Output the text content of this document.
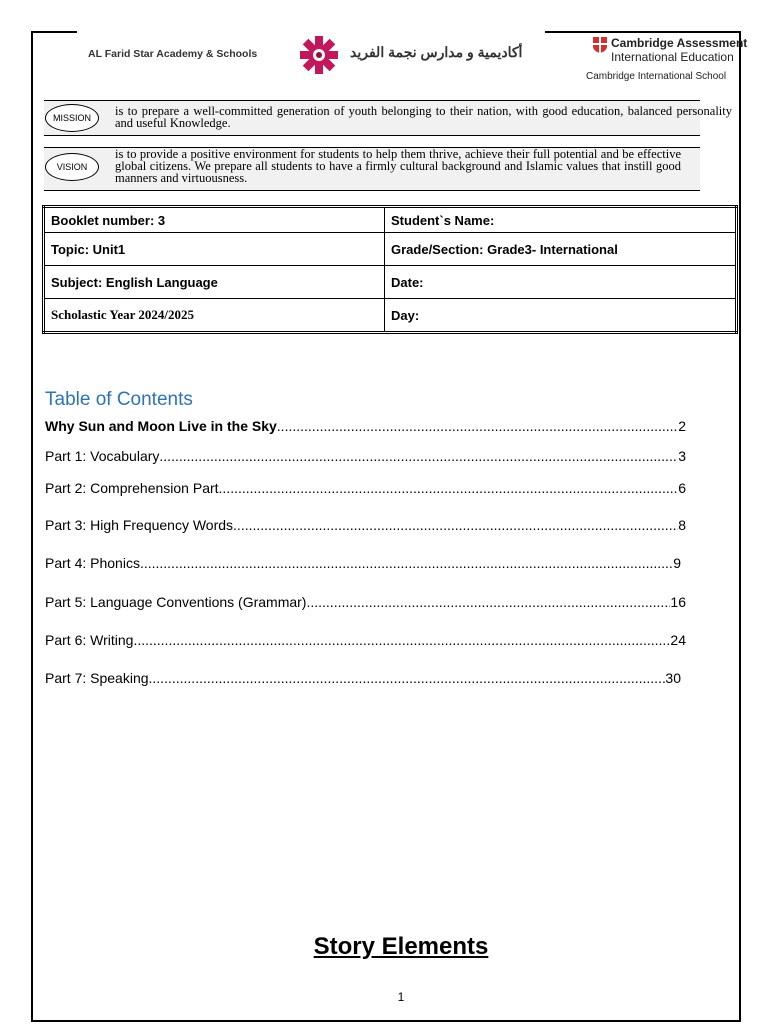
AL Farid Star Academy & Schools	أكاديمية و مدارس نجمة الفريد
Cambridge Assessment
International Education
Cambridge International School
is to prepare a well-committed generation of youth belonging to their nation, with good education, balanced personality and useful Knowledge.
MISSION
is to provide a positive environment for students to help them thrive, achieve their full potential and be effective global citizens. We prepare all students to have a firmly cultural background and Islamic values that instill good manners and virtuousness.
VISION
Booklet number: 3	Student`s Name:
Topic: Unit1	Grade/Section: Grade3- International
Subject: English Language	Date:
Scholastic Year 2024/2025	Day:
Table of Contents
Why Sun and Moon Live in the Sky .....	2
Part 1: Vocabulary .....	3
Part 2: Comprehension Part .....	6
Part 3: High Frequency Words .....	8
Part 4: Phonics .....	9
Part 5: Language Conventions (Grammar) .....	16
Part 6: Writing .....	24
Part 7: Speaking .....	30
Story Elements
1
